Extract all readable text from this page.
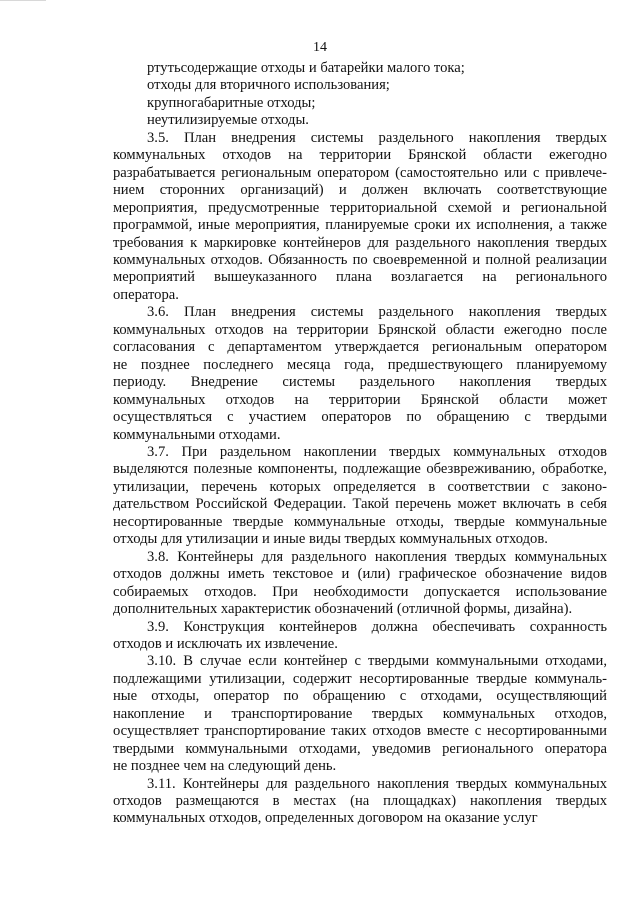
14

ртутьсодержащие отходы и батарейки малого тока;

отходы для вторичного использования;

крупногабаритные отходы;

неутилизируемые отходы.

3.5. План внедрения системы раздельного накопления твердых
коммунальных отходов на территории Брянской области ежегодно
разрабатывается региональным оператором (самостоятельно или с привлече-
нием сторонних организаций) и должен включать соответствующие
мероприятия, предусмотренные территориальной схемой и региональной
программой, иные мероприятия, планируемые сроки их исполнения, а также
требования к маркировке контейнеров для раздельного накопления твердых
коммунальных отходов. Обязанность по своевременной и полной реализации
мероприятий вышеуказанного плана возлагается на регионального
оператора.

3.6. План внедрения системы раздельного накопления твердых
коммунальных отходов на территории Брянской области ежегодно после
согласования с департаментом утверждается региональным оператором
не позднее последнего месяца года, предшествующего планируемому
периоду. Внедрение системы раздельного накопления твердых
коммунальных отходов на территории Брянской области может
осуществляться с участием операторов по обращению с твердыми
коммунальными отходами.

3.7. При раздельном накоплении твердых коммунальных отходов
выделяются полезные компоненты, подлежащие обезвреживанию, обработке,
утилизации, перечень которых определяется в соответствии с законо-
дательством Российской Федерации. Такой перечень может включать в себя
несортированные твердые коммунальные отходы, твердые коммунальные
отходы для утилизации и иные виды твердых коммунальных отходов.

3.8. Контейнеры для раздельного накопления твердых коммунальных
отходов должны иметь текстовое и (или) графическое обозначение видов
собираемых отходов. При необходимости допускается использование
дополнительных характеристик обозначений (отличной формы, дизайна).

3.9. Конструкция контейнеров должна обеспечивать сохранность
отходов и исключать их извлечение.

3.10. В случае если контейнер с твердыми коммунальными отходами,
подлежащими утилизации, содержит несортированные твердые коммуналь-
ные отходы, оператор по обращению с отходами, осуществляющий
накопление и транспортирование твердых коммунальных отходов,
осуществляет транспортирование таких отходов вместе с несортированными
твердыми коммунальными отходами, уведомив регионального оператора
не позднее чем на следующий день.

3.11. Контейнеры для раздельного накопления твердых коммунальных
отходов размещаются в местах (на площадках) накопления твердых
коммунальных отходов, определенных договором на оказание услуг
